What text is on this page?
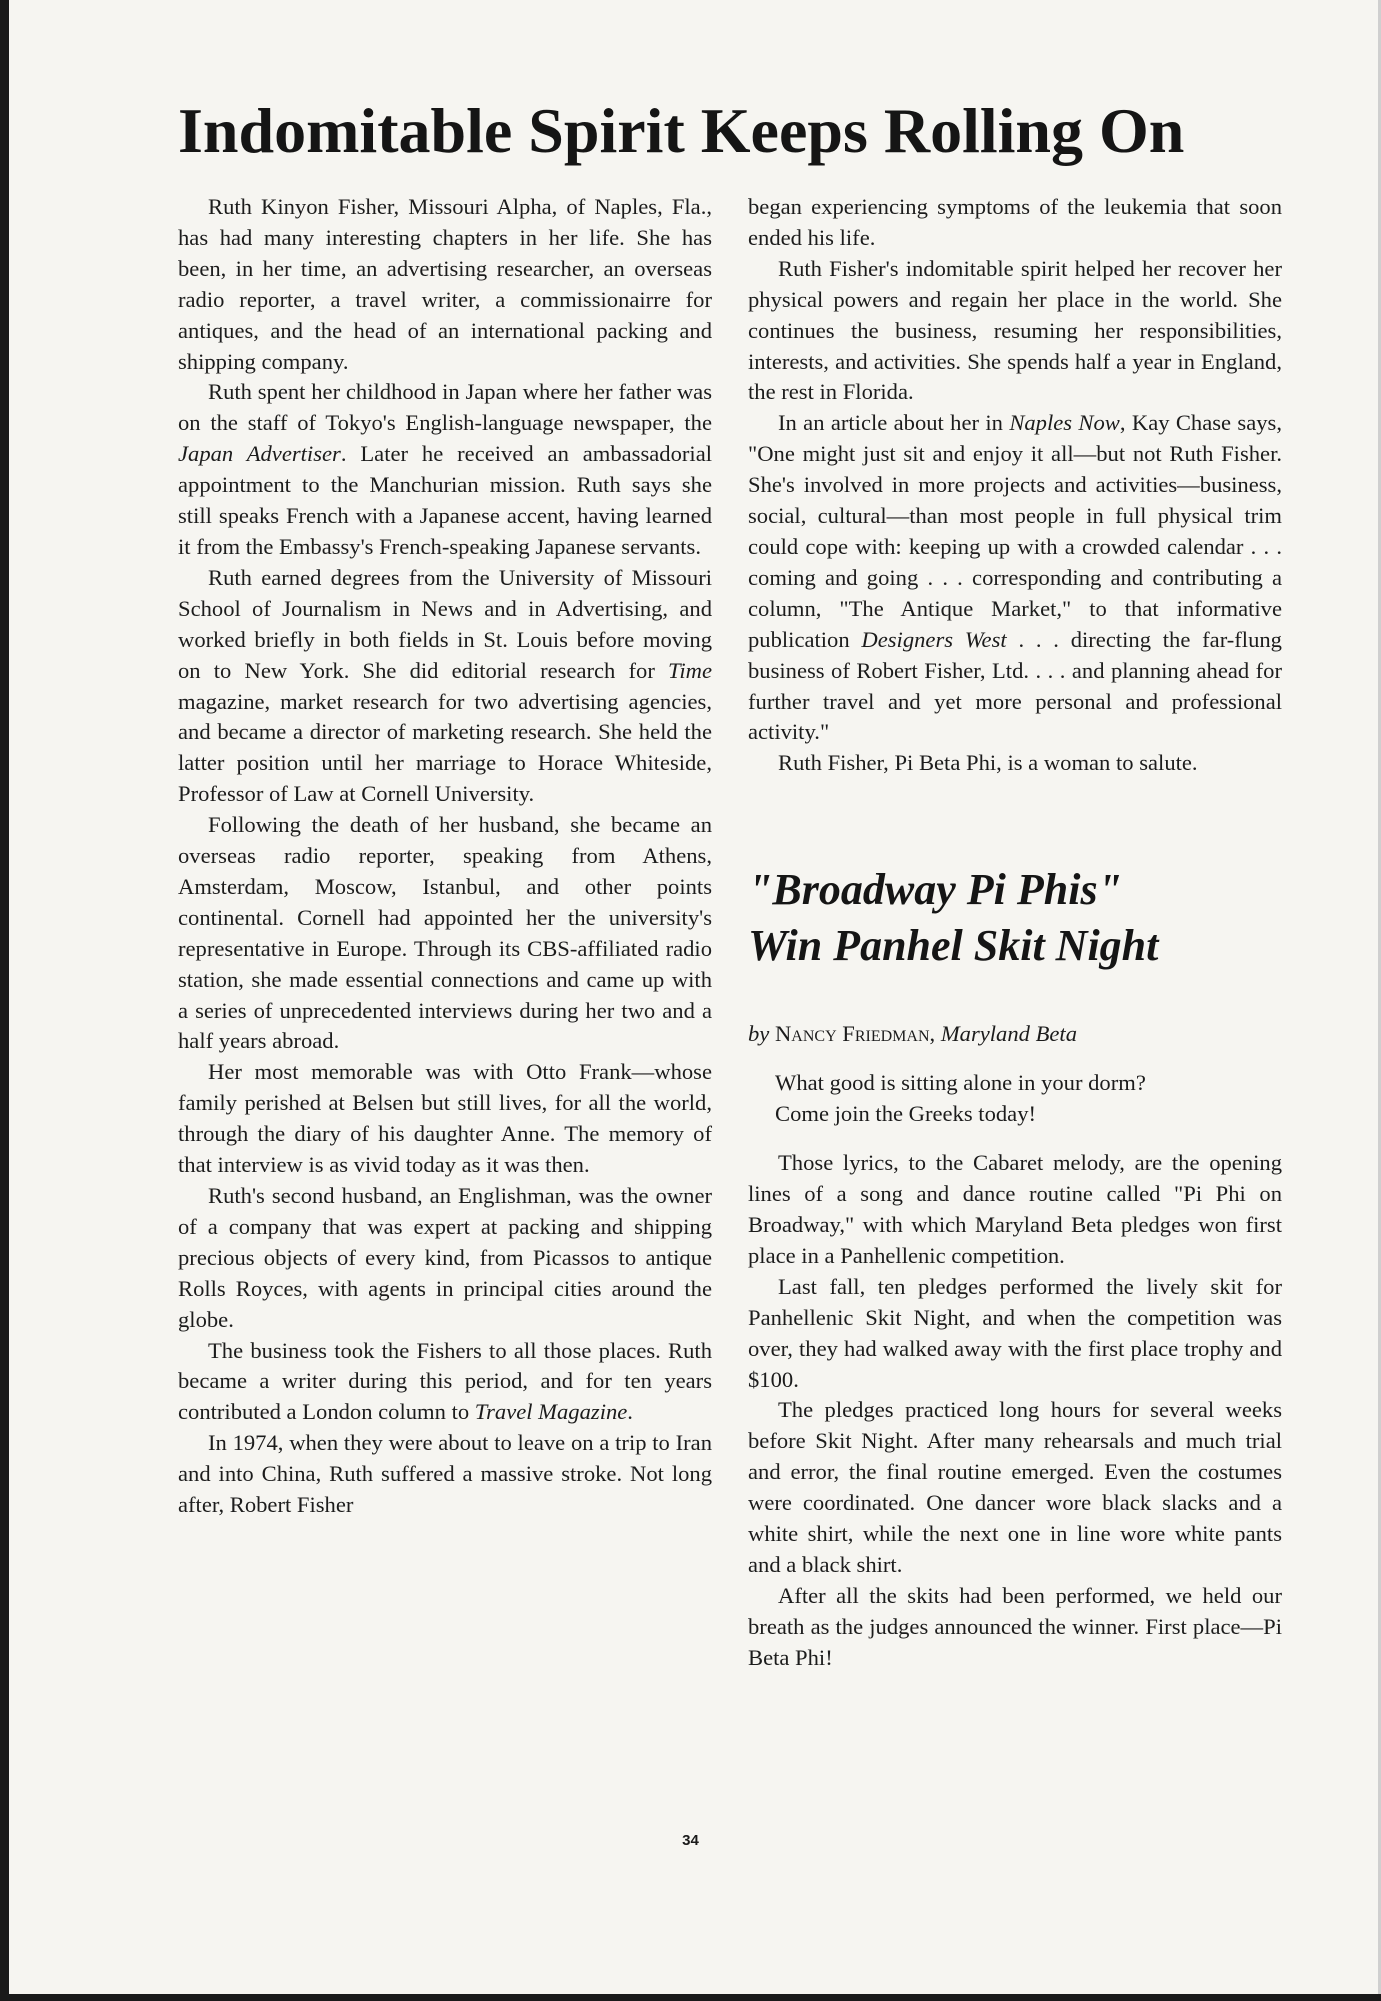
Indomitable Spirit Keeps Rolling On

Ruth Kinyon Fisher, Missouri Alpha, of Naples, Fla., has had many interesting chapters in her life. She has been, in her time, an advertising researcher, an overseas radio reporter, a travel writer, a commissionairre for antiques, and the head of an international packing and shipping company.

Ruth spent her childhood in Japan where her father was on the staff of Tokyo's English-language newspaper, the Japan Advertiser. Later he received an ambassadorial appointment to the Manchurian mission. Ruth says she still speaks French with a Japanese accent, having learned it from the Embassy's French-speaking Japanese servants.

Ruth earned degrees from the University of Missouri School of Journalism in News and in Advertising, and worked briefly in both fields in St. Louis before moving on to New York. She did editorial research for Time magazine, market research for two advertising agencies, and became a director of marketing research. She held the latter position until her marriage to Horace Whiteside, Professor of Law at Cornell University.

Following the death of her husband, she became an overseas radio reporter, speaking from Athens, Amsterdam, Moscow, Istanbul, and other points continental. Cornell had appointed her the university's representative in Europe. Through its CBS-affiliated radio station, she made essential connections and came up with a series of unprecedented interviews during her two and a half years abroad.

Her most memorable was with Otto Frank—whose family perished at Belsen but still lives, for all the world, through the diary of his daughter Anne. The memory of that interview is as vivid today as it was then.

Ruth's second husband, an Englishman, was the owner of a company that was expert at packing and shipping precious objects of every kind, from Picassos to antique Rolls Royces, with agents in principal cities around the globe.

The business took the Fishers to all those places. Ruth became a writer during this period, and for ten years contributed a London column to Travel Magazine.

In 1974, when they were about to leave on a trip to Iran and into China, Ruth suffered a massive stroke. Not long after, Robert Fisher

began experiencing symptoms of the leukemia that soon ended his life.

Ruth Fisher's indomitable spirit helped her recover her physical powers and regain her place in the world. She continues the business, resuming her responsibilities, interests, and activities. She spends half a year in England, the rest in Florida.

In an article about her in Naples Now, Kay Chase says, "One might just sit and enjoy it all—but not Ruth Fisher. She's involved in more projects and activities—business, social, cultural—than most people in full physical trim could cope with: keeping up with a crowded calendar . . . coming and going . . . corresponding and contributing a column, "The Antique Market," to that informative publication Designers West . . . directing the far-flung business of Robert Fisher, Ltd. . . . and planning ahead for further travel and yet more personal and professional activity."

Ruth Fisher, Pi Beta Phi, is a woman to salute.

"Broadway Pi Phis"
Win Panhel Skit Night

by Nancy Friedman, Maryland Beta

What good is sitting alone in your dorm?
Come join the Greeks today!

Those lyrics, to the Cabaret melody, are the opening lines of a song and dance routine called "Pi Phi on Broadway," with which Maryland Beta pledges won first place in a Panhellenic competition.

Last fall, ten pledges performed the lively skit for Panhellenic Skit Night, and when the competition was over, they had walked away with the first place trophy and $100.

The pledges practiced long hours for several weeks before Skit Night. After many rehearsals and much trial and error, the final routine emerged. Even the costumes were coordinated. One dancer wore black slacks and a white shirt, while the next one in line wore white pants and a black shirt.

After all the skits had been performed, we held our breath as the judges announced the winner. First place—Pi Beta Phi!

34
